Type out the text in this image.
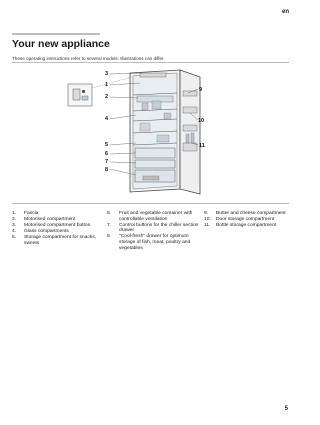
en
Your new appliance
These operating instructions refer to several models. Illustrations can differ.
3
1
2
4
5
6
7
8
9
10
11
1.	Fascia
2.	Motorised compartment
3.	Motorised compartment button
4.	Glass compartments
5.	Storage compartment for snacks, sweets
6.	Fruit and vegetable container with controllable ventilation
7.	Control buttons for the chiller section drawer
8.	"Cool-fresh" drawer for optimum storage of fish, meat, poultry and vegetables
9.	Butter and cheese compartment
10.	Door storage compartment
11.	Bottle storage compartment
5
